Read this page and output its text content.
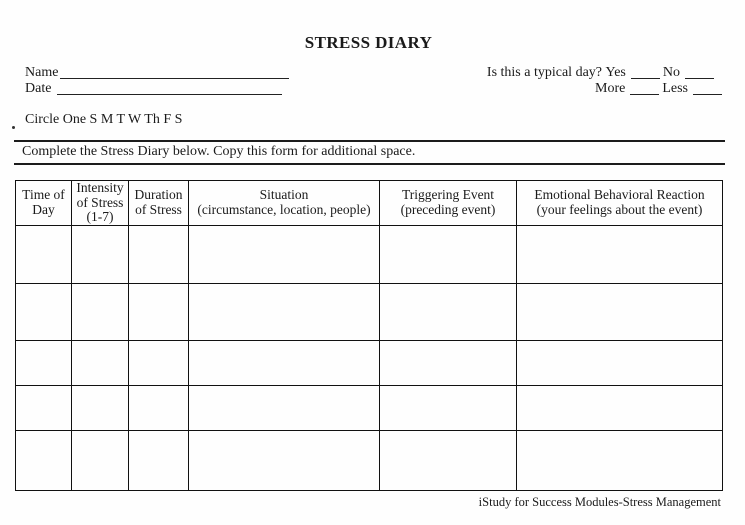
STRESS DIARY
Name
Date
Is this a typical day? Yes	No
More	Less
Circle One S M T W Th F S
Complete the Stress Diary below. Copy this form for additional space.
Time of
Day

Intensity
of Stress
(1-7)

Duration
of Stress

Situation
(circumstance, location, people)

Triggering Event
(preceding event)

Emotional Behavioral Reaction
(your feelings about the event)

iStudy for Success Modules-Stress Management
